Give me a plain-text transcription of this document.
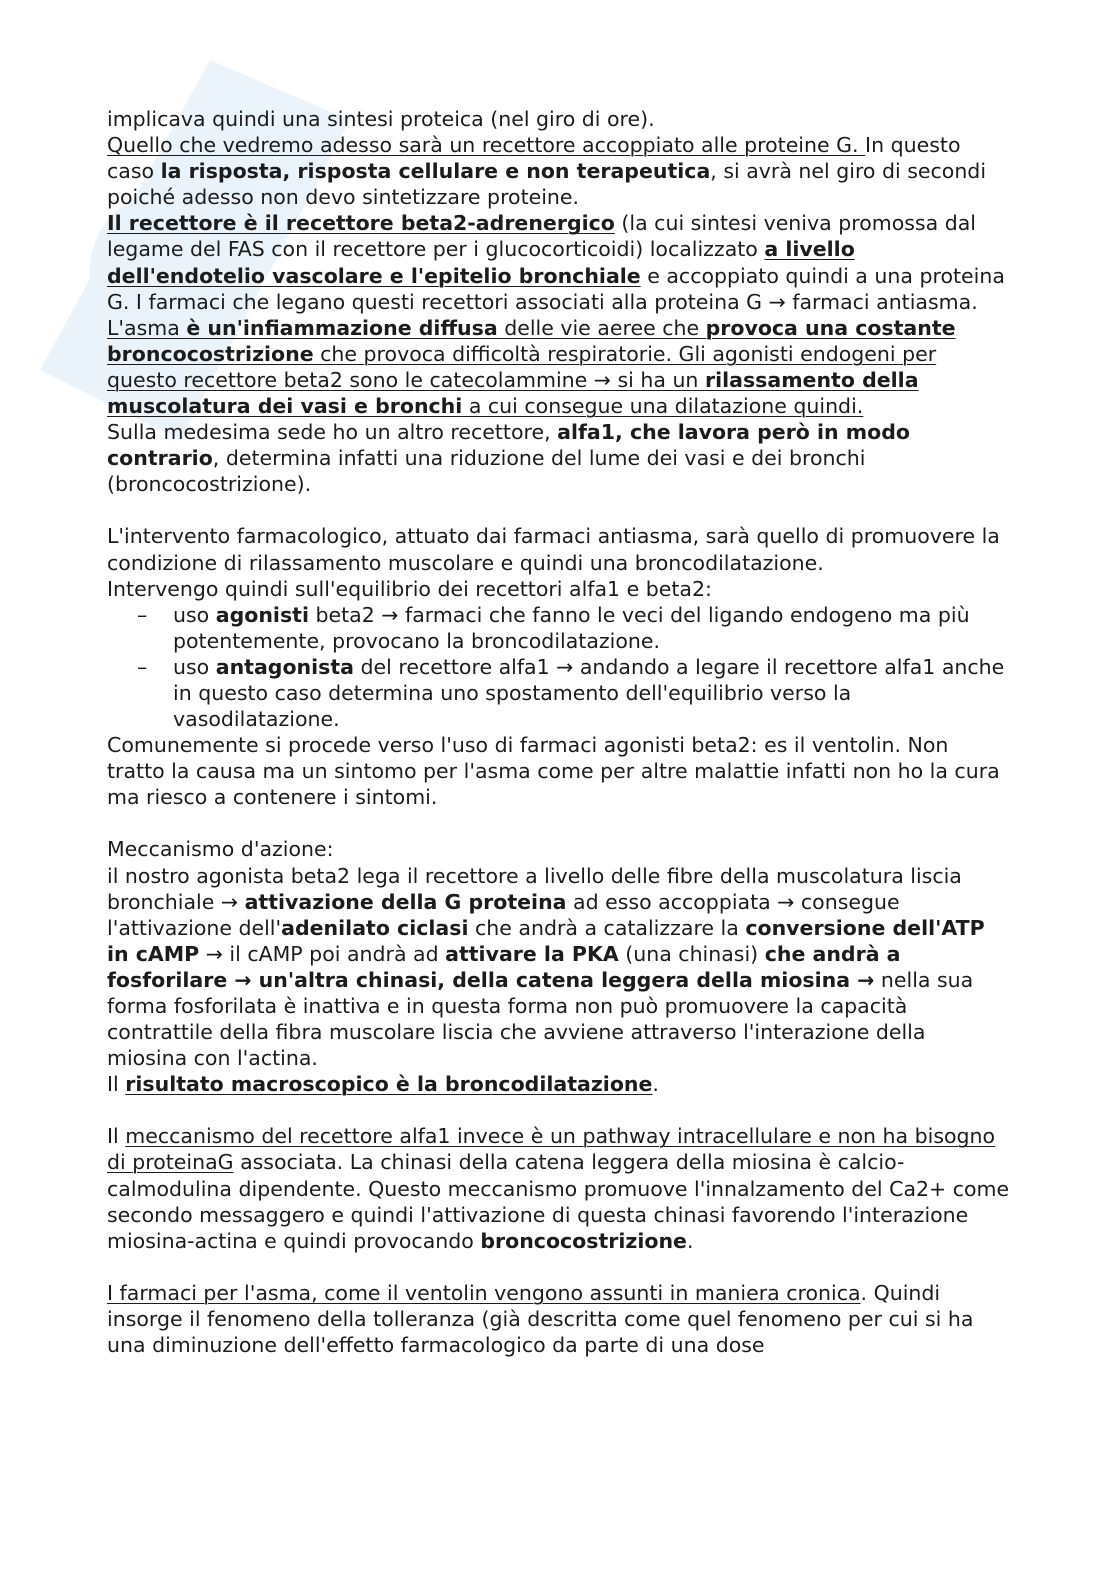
implicava quindi una sintesi proteica (nel giro di ore).

Quello che vedremo adesso sarà un recettore accoppiato alle proteine G. In questo caso la risposta, risposta cellulare e non terapeutica, si avrà nel giro di secondi poiché adesso non devo sintetizzare proteine.

Il recettore è il recettore beta2-adrenergico (la cui sintesi veniva promossa dal legame del FAS con il recettore per i glucocorticoidi) localizzato a livello dell'endotelio vascolare e l'epitelio bronchiale e accoppiato quindi a una proteina G. I farmaci che legano questi recettori associati alla proteina G → farmaci antiasma. L'asma è un'infiammazione diffusa delle vie aeree che provoca una costante broncocostrizione che provoca difficoltà respiratorie. Gli agonisti endogeni per questo recettore beta2 sono le catecolammine → si ha un rilassamento della muscolatura dei vasi e bronchi a cui consegue una dilatazione quindi.

Sulla medesima sede ho un altro recettore, alfa1, che lavora però in modo contrario, determina infatti una riduzione del lume dei vasi e dei bronchi (broncocostrizione).

L'intervento farmacologico, attuato dai farmaci antiasma, sarà quello di promuovere la condizione di rilassamento muscolare e quindi una broncodilatazione.

Intervengo quindi sull'equilibrio dei recettori alfa1 e beta2:

– uso agonisti beta2 → farmaci che fanno le veci del ligando endogeno ma più potentemente, provocano la broncodilatazione.
– uso antagonista del recettore alfa1 → andando a legare il recettore alfa1 anche in questo caso determina uno spostamento dell'equilibrio verso la vasodilatazione.

Comunemente si procede verso l'uso di farmaci agonisti beta2: es il ventolin. Non tratto la causa ma un sintomo per l'asma come per altre malattie infatti non ho la cura ma riesco a contenere i sintomi.

Meccanismo d'azione:

il nostro agonista beta2 lega il recettore a livello delle fibre della muscolatura liscia bronchiale → attivazione della G proteina ad esso accoppiata → consegue l'attivazione dell'adenilato ciclasi che andrà a catalizzare la conversione dell'ATP in cAMP → il cAMP poi andrà ad attivare la PKA (una chinasi) che andrà a fosforilare → un'altra chinasi, della catena leggera della miosina → nella sua forma fosforilata è inattiva e in questa forma non può promuovere la capacità contrattile della fibra muscolare liscia che avviene attraverso l'interazione della miosina con l'actina.

Il risultato macroscopico è la broncodilatazione.

Il meccanismo del recettore alfa1 invece è un pathway intracellulare e non ha bisogno di proteinaG associata. La chinasi della catena leggera della miosina è calcio-calmodulina dipendente. Questo meccanismo promuove l'innalzamento del Ca2+ come secondo messaggero e quindi l'attivazione di questa chinasi favorendo l'interazione miosina-actina e quindi provocando broncocostrizione.

I farmaci per l'asma, come il ventolin vengono assunti in maniera cronica. Quindi insorge il fenomeno della tolleranza (già descritta come quel fenomeno per cui si ha una diminuzione dell'effetto farmacologico da parte di una dose
